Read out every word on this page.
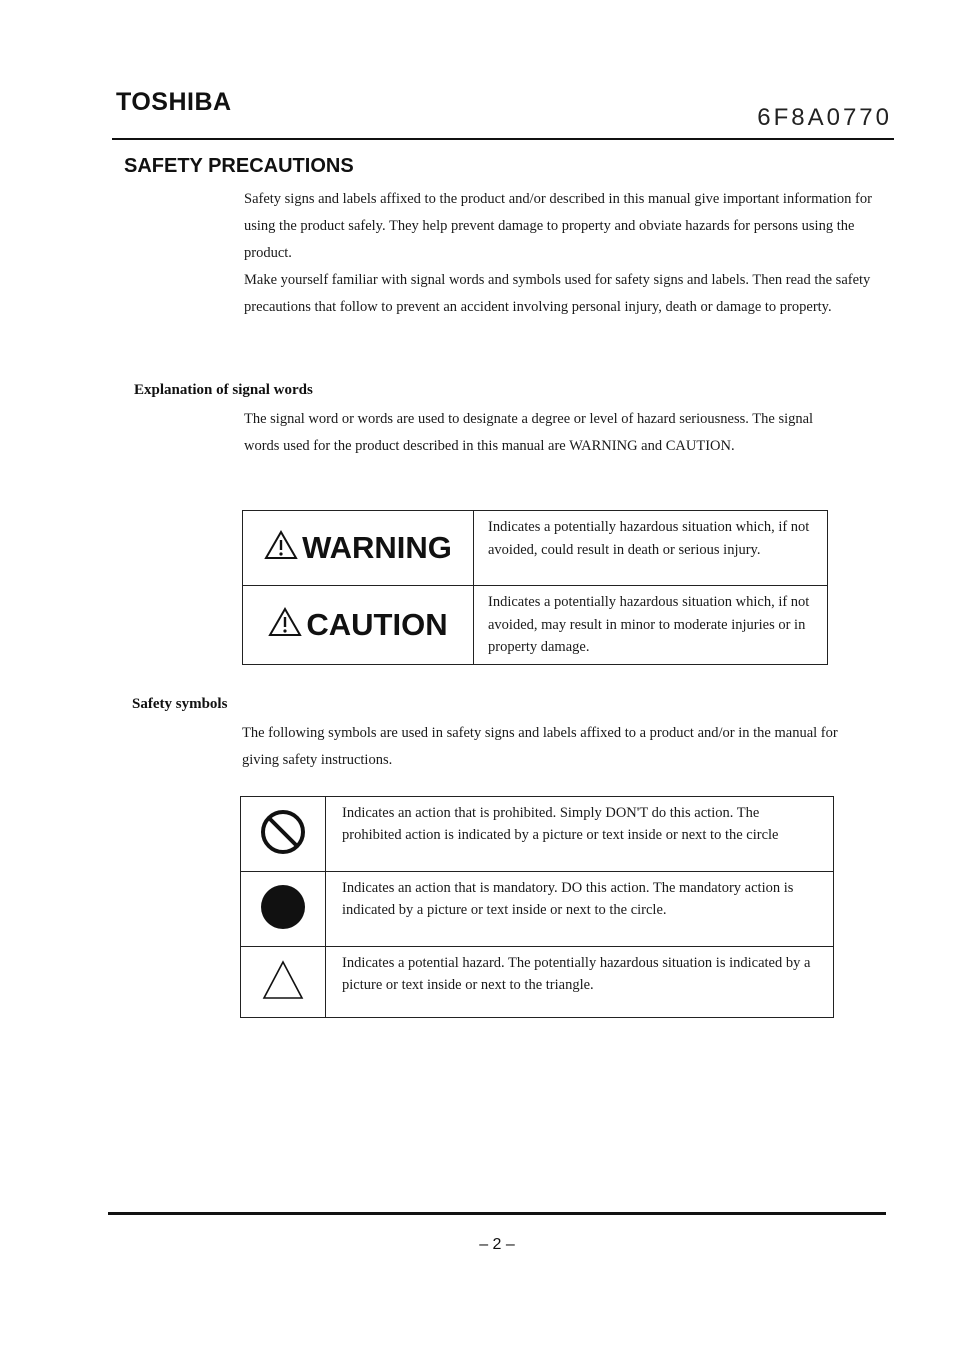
TOSHIBA
6F8A0770
SAFETY PRECAUTIONS

Safety signs and labels affixed to the product and/or described in this manual give important information for using the product safely. They help prevent damage to property and obviate hazards for persons using the product.

Make yourself familiar with signal words and symbols used for safety signs and labels. Then read the safety precautions that follow to prevent an accident involving personal injury, death or damage to property.

Explanation of signal words
The signal word or words are used to designate a degree or level of hazard seriousness. The signal words used for the product described in this manual are WARNING and CAUTION.
WARNING	Indicates a potentially hazardous situation which, if not avoided, could result in death or serious injury.
CAUTION	Indicates a potentially hazardous situation which, if not avoided, may result in minor to moderate injuries or in property damage.
Safety symbols
The following symbols are used in safety signs and labels affixed to a product and/or in the manual for giving safety instructions.
	Indicates an action that is prohibited. Simply DON'T do this action. The prohibited action is indicated by a picture or text inside or next to the circle
	Indicates an action that is mandatory. DO this action. The mandatory action is indicated by a picture or text inside or next to the circle.
	Indicates a potential hazard. The potentially hazardous situation is indicated by a picture or text inside or next to the triangle.
– 2 –
